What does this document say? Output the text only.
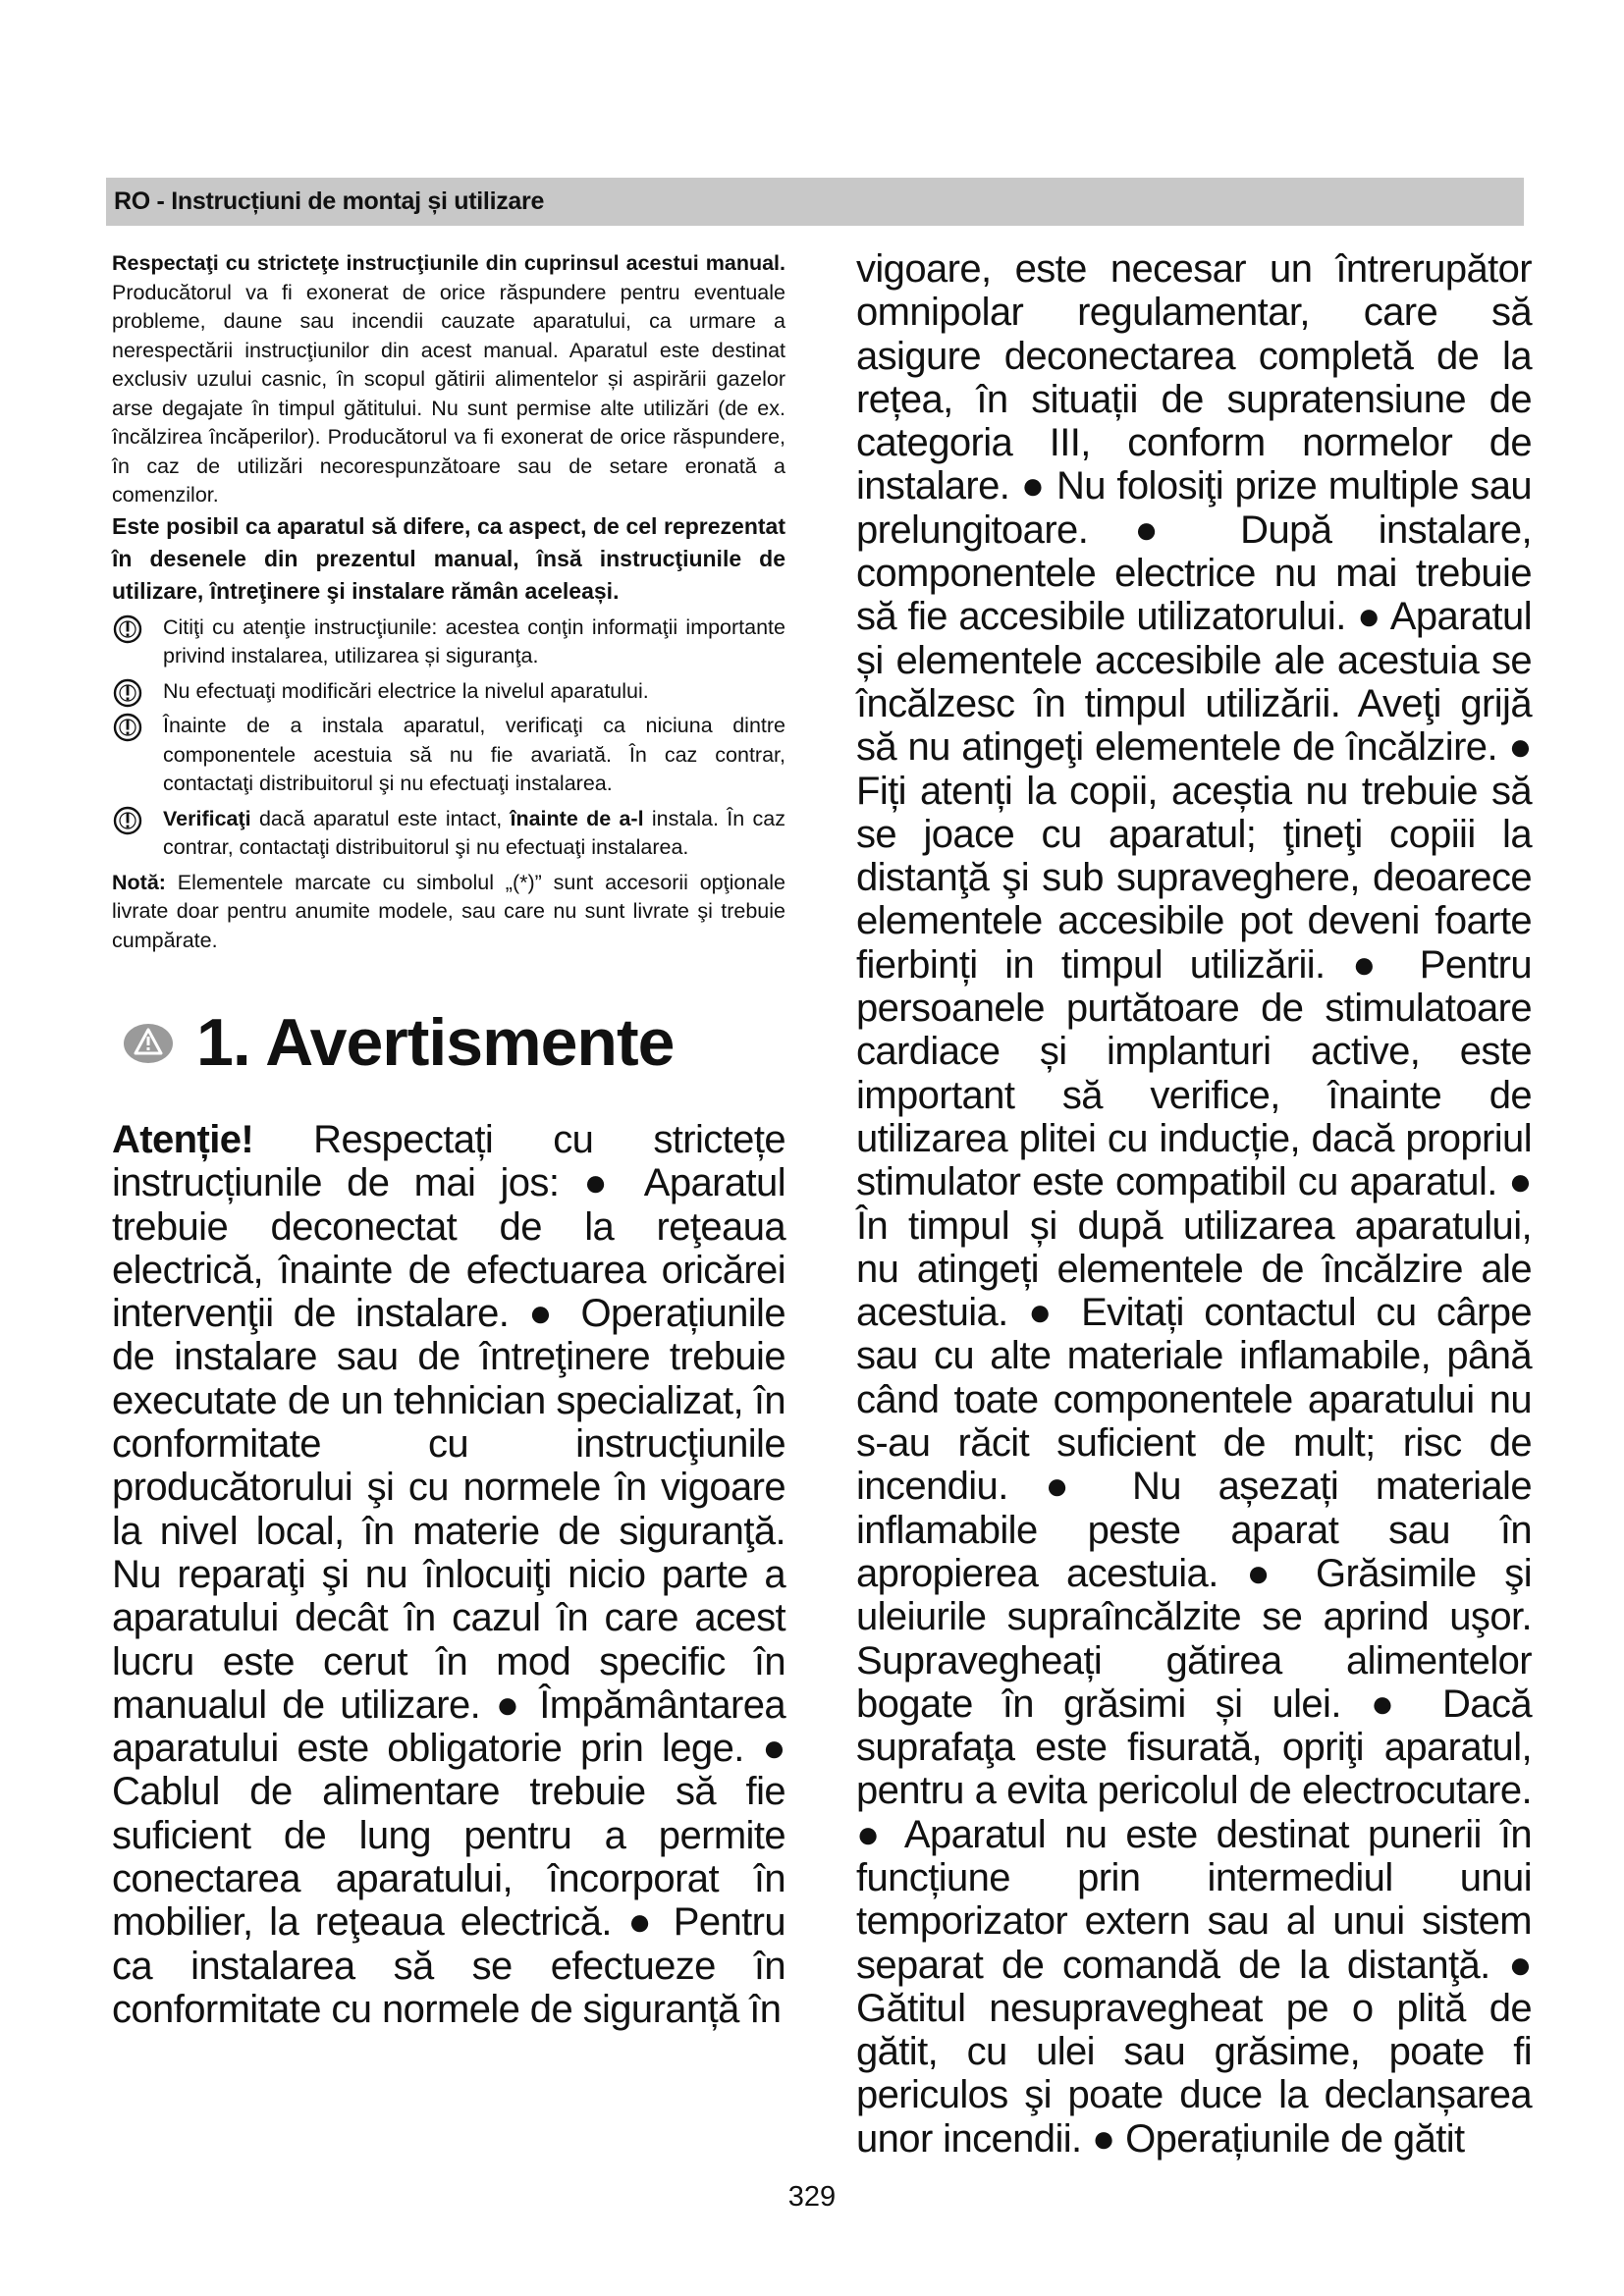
RO - Instrucțiuni de montaj și utilizare

Respectaţi cu stricteţe instrucţiunile din cuprinsul acestui manual. Producătorul va fi exonerat de orice răspundere pentru eventuale probleme, daune sau incendii cauzate aparatului, ca urmare a nerespectării instrucţiunilor din acest manual. Aparatul este destinat exclusiv uzului casnic, în scopul gătirii alimentelor și aspirării gazelor arse degajate în timpul gătitului. Nu sunt permise alte utilizări (de ex. încălzirea încăperilor). Producătorul va fi exonerat de orice răspundere, în caz de utilizări necorespunzătoare sau de setare eronată a comenzilor.

Este posibil ca aparatul să difere, ca aspect, de cel reprezentat în desenele din prezentul manual, însă instrucţiunile de utilizare, întreţinere şi instalare rămân aceleași.

Citiţi cu atenţie instrucţiunile: acestea conţin informaţii importante privind instalarea, utilizarea și siguranţa.
Nu efectuaţi modificări electrice la nivelul aparatului.
Înainte de a instala aparatul, verificaţi ca niciuna dintre componentele acestuia să nu fie avariată. În caz contrar, contactaţi distribuitorul şi nu efectuaţi instalarea.
Verificaţi dacă aparatul este intact, înainte de a-l instala. În caz contrar, contactaţi distribuitorul şi nu efectuaţi instalarea.

Notă: Elementele marcate cu simbolul „(*)” sunt accesorii opţionale livrate doar pentru anumite modele, sau care nu sunt livrate şi trebuie cumpărate.

1. Avertismente

Atenție! Respectați cu strictețe instrucțiunile de mai jos: ● Aparatul trebuie deconectat de la reţeaua electrică, înainte de efectuarea oricărei intervenţii de instalare. ● Operațiunile de instalare sau de întreţinere trebuie executate de un tehnician specializat, în conformitate cu instrucţiunile producătorului şi cu normele în vigoare la nivel local, în materie de siguranţă. Nu reparaţi şi nu înlocuiţi nicio parte a aparatului decât în cazul în care acest lucru este cerut în mod specific în manualul de utilizare. ● Împământarea aparatului este obligatorie prin lege. ● Cablul de alimentare trebuie să fie suficient de lung pentru a permite conectarea aparatului, încorporat în mobilier, la reţeaua electrică. ● Pentru ca instalarea să se efectueze în conformitate cu normele de siguranță în

vigoare, este necesar un întrerupător omnipolar regulamentar, care să asigure deconectarea completă de la rețea, în situații de supratensiune de categoria III, conform normelor de instalare. ● Nu folosiţi prize multiple sau prelungitoare. ● După instalare, componentele electrice nu mai trebuie să fie accesibile utilizatorului. ● Aparatul și elementele accesibile ale acestuia se încălzesc în timpul utilizării. Aveţi grijă să nu atingeţi elementele de încălzire. ● Fiți atenți la copii, aceștia nu trebuie să se joace cu aparatul; ţineţi copiii la distanţă şi sub supraveghere, deoarece elementele accesibile pot deveni foarte fierbinți in timpul utilizării. ● Pentru persoanele purtătoare de stimulatoare cardiace și implanturi active, este important să verifice, înainte de utilizarea plitei cu inducție, dacă propriul stimulator este compatibil cu aparatul. ● În timpul și după utilizarea aparatului, nu atingeți elementele de încălzire ale acestuia. ● Evitați contactul cu cârpe sau cu alte materiale inflamabile, până când toate componentele aparatului nu s-au răcit suficient de mult; risc de incendiu. ● Nu așezați materiale inflamabile peste aparat sau în apropierea acestuia. ● Grăsimile şi uleiurile supraîncălzite se aprind uşor. Supravegheați gătirea alimentelor bogate în grăsimi și ulei. ● Dacă suprafaţa este fisurată, opriţi aparatul, pentru a evita pericolul de electrocutare. ● Aparatul nu este destinat punerii în funcțiune prin intermediul unui temporizator extern sau al unui sistem separat de comandă de la distanţă. ● Gătitul nesupravegheat pe o plită de gătit, cu ulei sau grăsime, poate fi periculos şi poate duce la declanșarea unor incendii. ● Operațiunile de gătit

329
